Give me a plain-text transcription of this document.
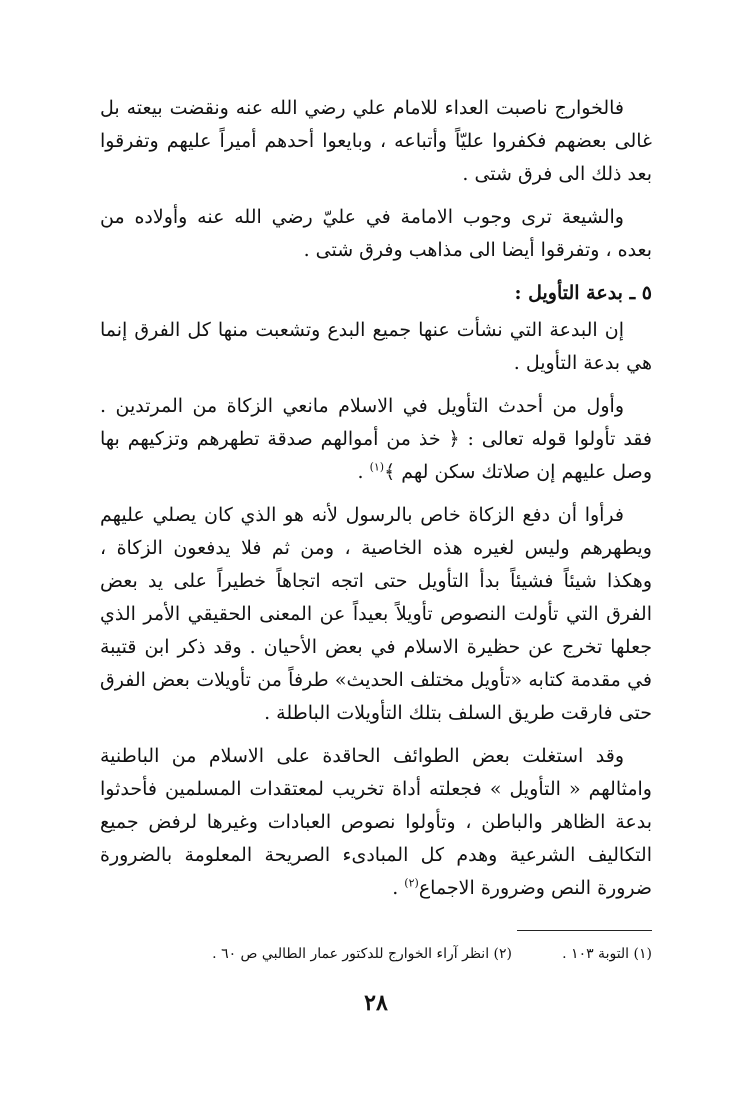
فالخوارج ناصبت العداء للامام علي رضي الله عنه ونقضت بيعته بل غالى بعضهم فكفروا عليّاً وأتباعه ، وبايعوا أحدهم أميراً عليهم وتفرقوا بعد ذلك الى فرق شتى .

والشيعة ترى وجوب الامامة في عليّ رضي الله عنه وأولاده من بعده ، وتفرقوا أيضا الى مذاهب وفرق شتى .

٥ ـ بدعة التأويل :

إن البدعة التي نشأت عنها جميع البدع وتشعبت منها كل الفرق إنما هي بدعة التأويل .

وأول من أحدث التأويل في الاسلام مانعي الزكاة من المرتدين . فقد تأولوا قوله تعالى : ﴿ خذ من أموالهم صدقة تطهرهم وتزكيهم بها وصل عليهم إن صلاتك سكن لهم ﴾$^{(١)}$ .

فرأوا أن دفع الزكاة خاص بالرسول لأنه هو الذي كان يصلي عليهم ويطهرهم وليس لغيره هذه الخاصية ، ومن ثم فلا يدفعون الزكاة ، وهكذا شيئاً فشيئاً بدأ التأويل حتى اتجه اتجاهاً خطيراً على يد بعض الفرق التي تأولت النصوص تأويلاً بعيداً عن المعنى الحقيقي الأمر الذي جعلها تخرج عن حظيرة الاسلام في بعض الأحيان . وقد ذكر ابن قتيبة في مقدمة كتابه «تأويل مختلف الحديث» طرفاً من تأويلات بعض الفرق حتى فارقت طريق السلف بتلك التأويلات الباطلة .

وقد استغلت بعض الطوائف الحاقدة على الاسلام من الباطنية وامثالهم « التأويل » فجعلته أداة تخريب لمعتقدات المسلمين فأحدثوا بدعة الظاهر والباطن ، وتأولوا نصوص العبادات وغيرها لرفض جميع التكاليف الشرعية وهدم كل المبادىء الصريحة المعلومة بالضرورة ضرورة النص وضرورة الاجماع$^{(٢)}$ .

(١) التوبة ١٠٣ .
(٢) انظر آراء الخوارج للدكتور عمار الطالبي ص ٦٠ .
٢٨
